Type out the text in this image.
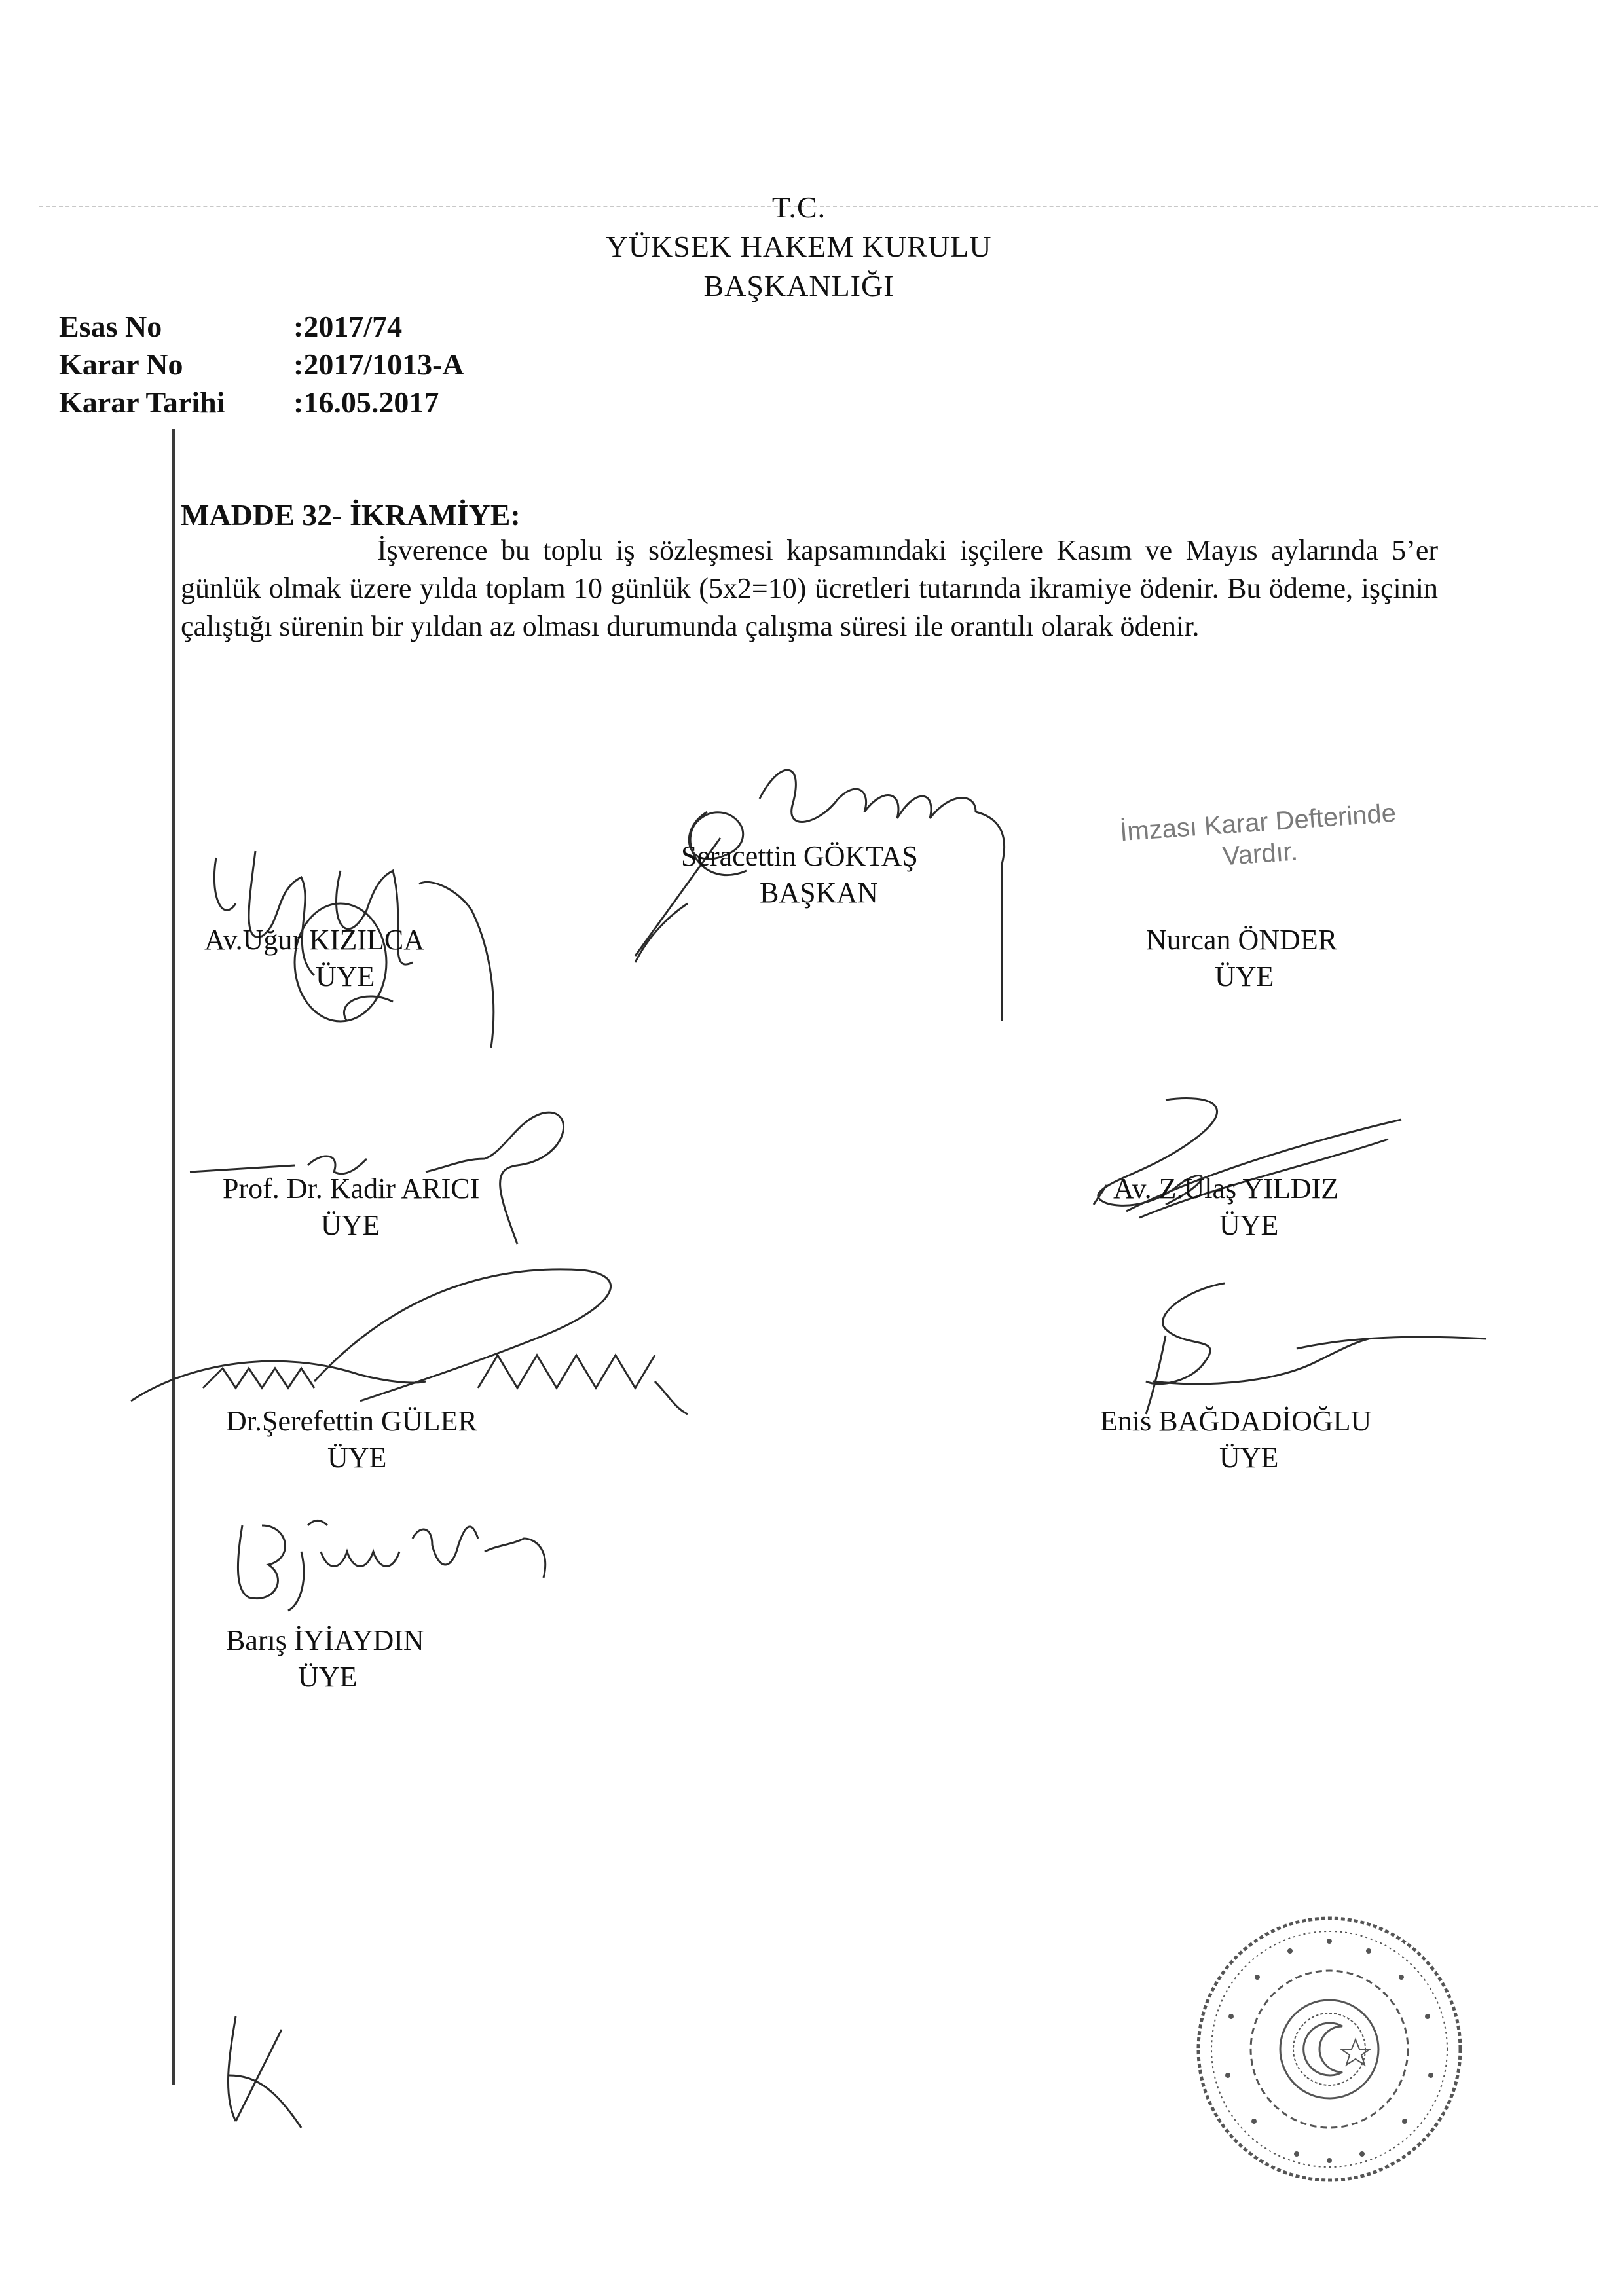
T.C.
YÜKSEK HAKEM KURULU
BAŞKANLIĞI
Esas No	:2017/74
Karar No	:2017/1013-A
Karar Tarihi :16.05.2017
MADDE 32- İKRAMİYE:
İşverence bu toplu iş sözleşmesi kapsamındaki işçilere Kasım ve Mayıs aylarında 5’er günlük olmak üzere yılda toplam 10 günlük (5x2=10) ücretleri tutarında ikramiye ödenir. Bu ödeme, işçinin çalıştığı sürenin bir yıldan az olması durumunda çalışma süresi ile orantılı olarak ödenir.
Seracettin GÖKTAŞ
BAŞKAN
Av.Uğur KIZILCA
ÜYE
İmzası Karar Defterinde
Vardır.
Nurcan ÖNDER
ÜYE
Prof. Dr. Kadir ARICI
ÜYE
Av. Z.Ulaş YILDIZ
ÜYE
Dr.Şerefettin GÜLER
ÜYE
Enis BAĞDADİOĞLU
ÜYE
Barış İYİAYDIN
ÜYE
